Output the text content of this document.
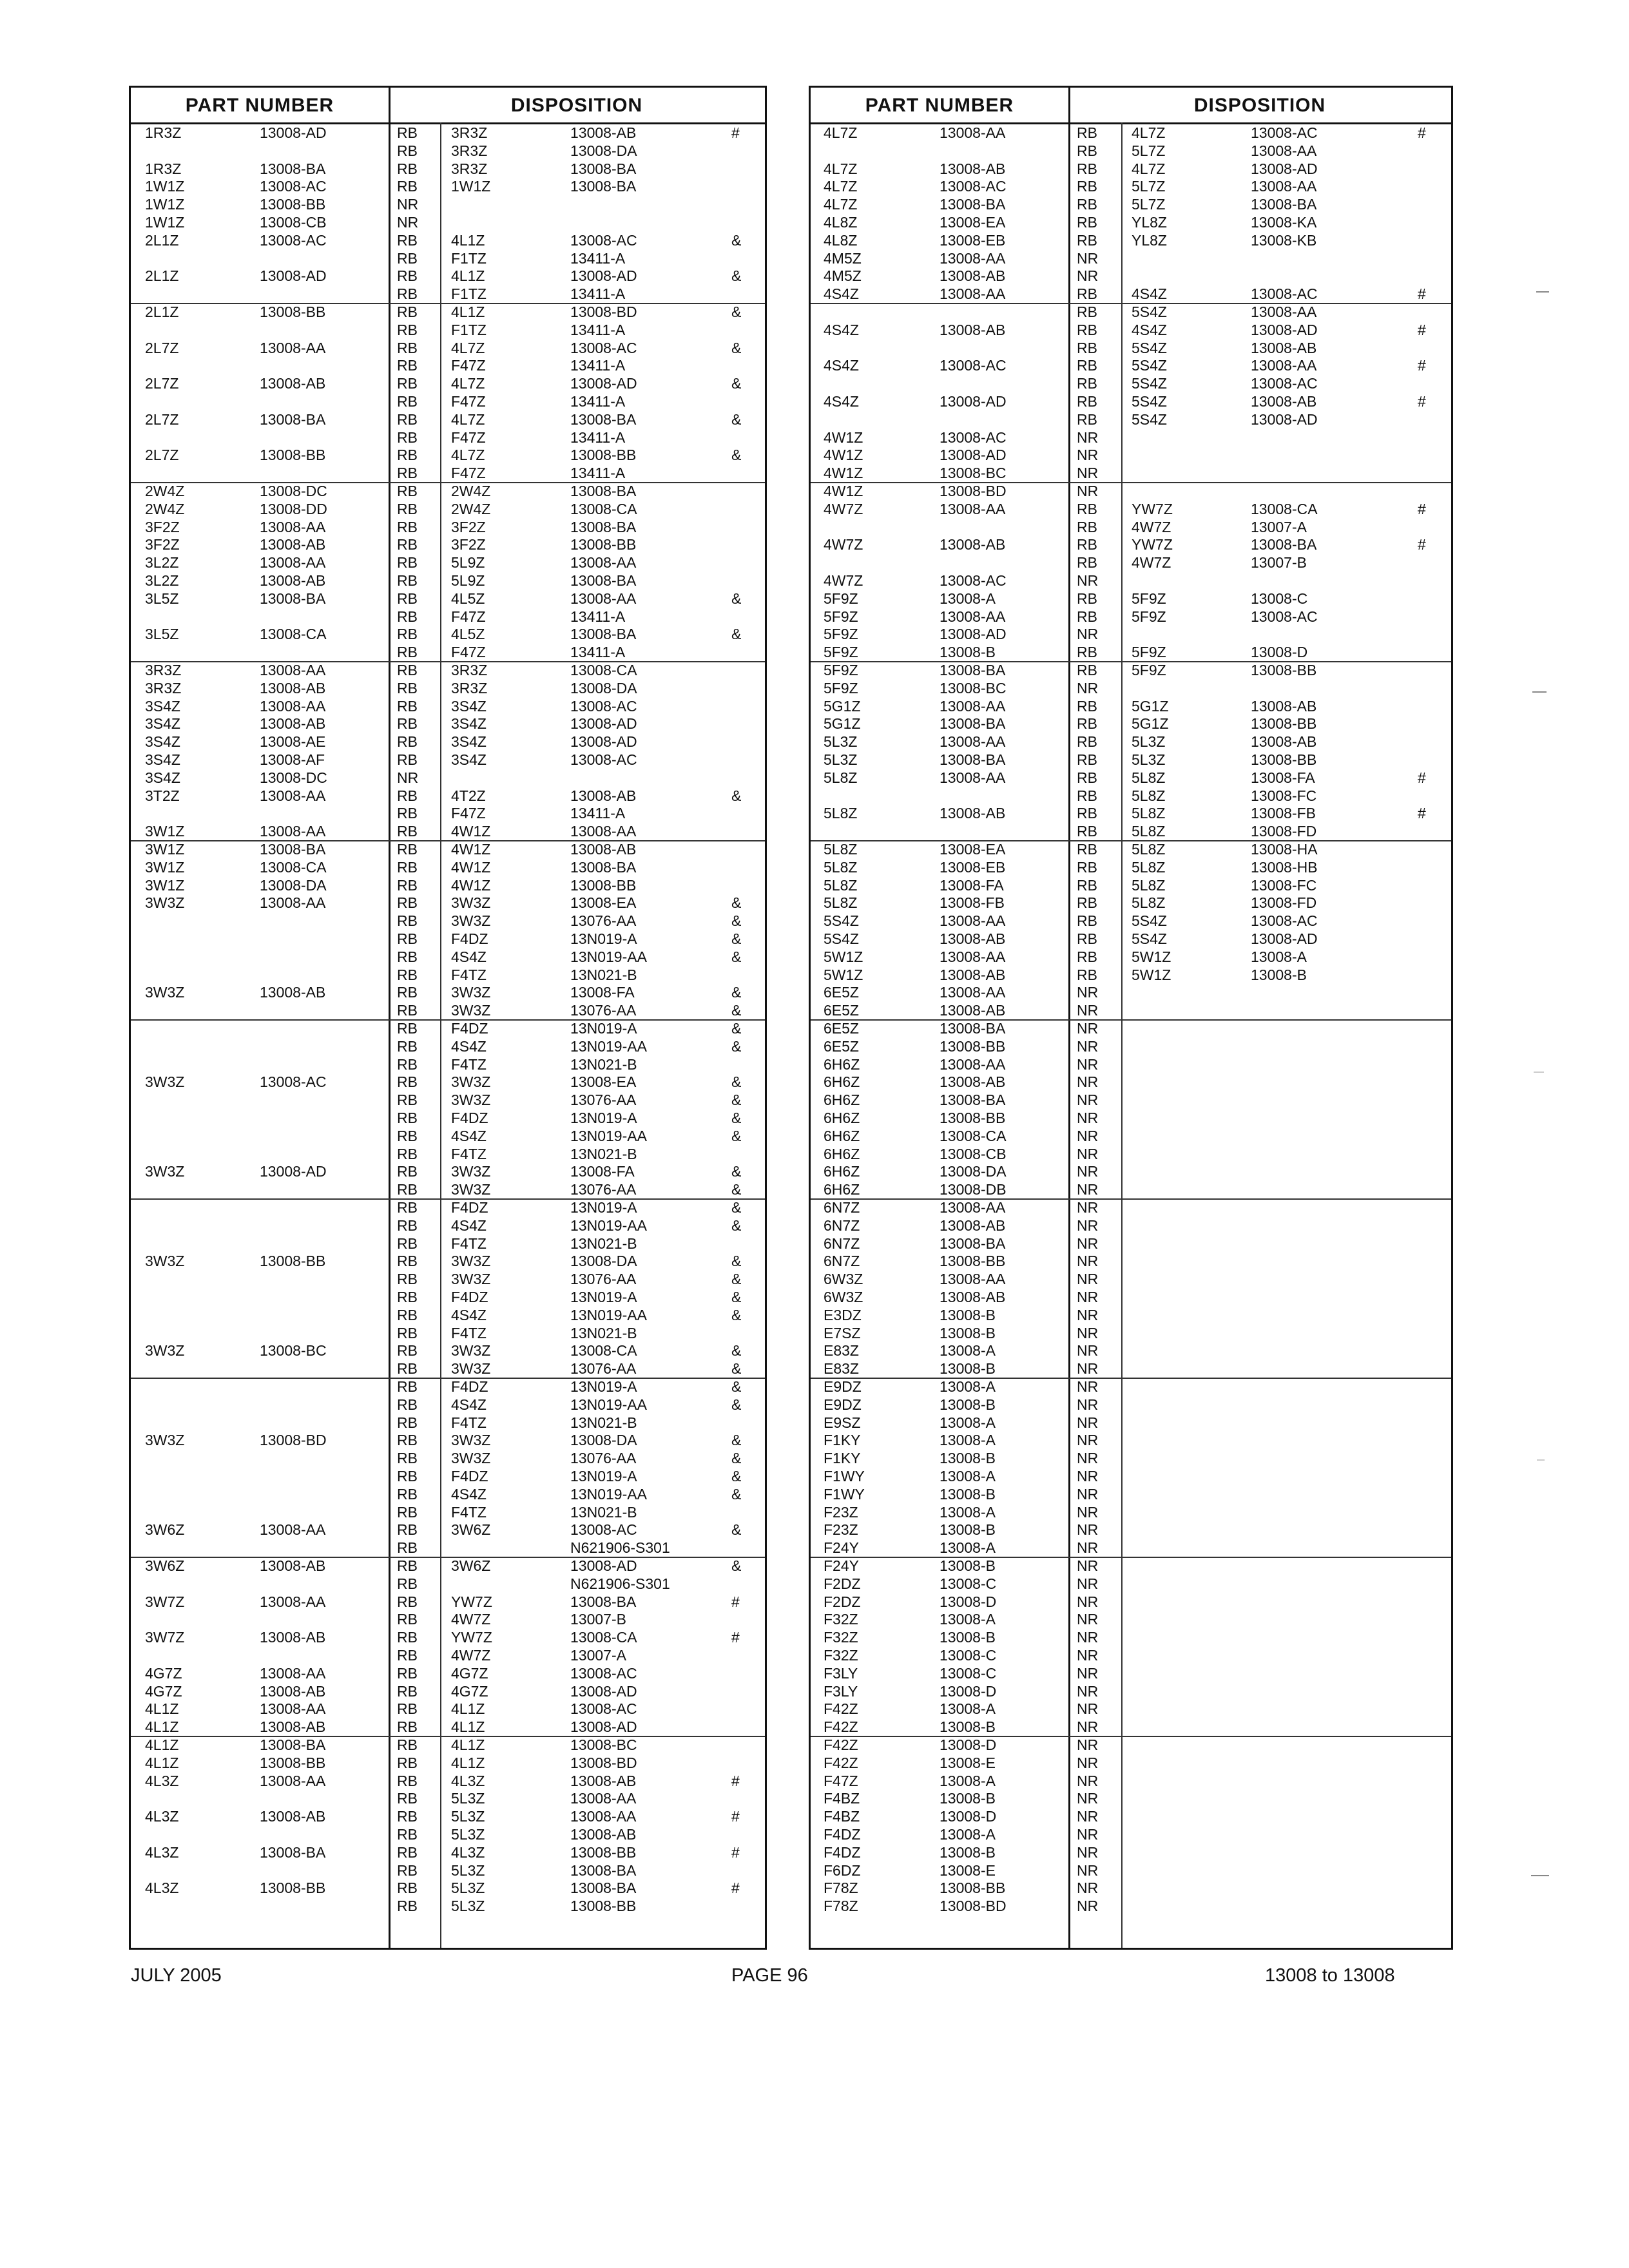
PART NUMBER	DISPOSITION
1R3Z	13008-AD	RB 3R3Z	13008-AB	#
RB 3R3Z	13008-DA
1R3Z	13008-BA	RB 3R3Z	13008-BA
1W1Z	13008-AC	RB 1W1Z	13008-BA
1W1Z	13008-BB	NR
1W1Z	13008-CB	NR
2L1Z	13008-AC	RB 4L1Z	13008-AC	&
RB F1TZ	13411-A
2L1Z	13008-AD	RB 4L1Z	13008-AD	&
RB F1TZ	13411-A
2L1Z	13008-BB	RB 4L1Z	13008-BD	&
RB F1TZ	13411-A
2L7Z	13008-AA	RB 4L7Z	13008-AC	&
RB F47Z	13411-A
2L7Z	13008-AB	RB 4L7Z	13008-AD	&
RB F47Z	13411-A
2L7Z	13008-BA	RB 4L7Z	13008-BA	&
RB F47Z	13411-A
2L7Z	13008-BB	RB 4L7Z	13008-BB	&
RB F47Z	13411-A
2W4Z	13008-DC	RB 2W4Z	13008-BA
2W4Z	13008-DD	RB 2W4Z	13008-CA
3F2Z	13008-AA	RB 3F2Z	13008-BA
3F2Z	13008-AB	RB 3F2Z	13008-BB
3L2Z	13008-AA	RB 5L9Z	13008-AA
3L2Z	13008-AB	RB 5L9Z	13008-BA
3L5Z	13008-BA	RB 4L5Z	13008-AA	&
RB F47Z	13411-A
3L5Z	13008-CA	RB 4L5Z	13008-BA	&
RB F47Z	13411-A
3R3Z	13008-AA	RB 3R3Z	13008-CA
3R3Z	13008-AB	RB 3R3Z	13008-DA
3S4Z	13008-AA	RB 3S4Z	13008-AC
3S4Z	13008-AB	RB 3S4Z	13008-AD
3S4Z	13008-AE	RB 3S4Z	13008-AD
3S4Z	13008-AF	RB 3S4Z	13008-AC
3S4Z	13008-DC	NR
3T2Z	13008-AA	RB 4T2Z	13008-AB	&
RB F47Z	13411-A
3W1Z	13008-AA	RB 4W1Z	13008-AA
3W1Z	13008-BA	RB 4W1Z	13008-AB
3W1Z	13008-CA	RB 4W1Z	13008-BA
3W1Z	13008-DA	RB 4W1Z	13008-BB
3W3Z	13008-AA	RB 3W3Z	13008-EA	&
RB 3W3Z	13076-AA	&
RB F4DZ	13N019-A	&
RB 4S4Z	13N019-AA	&
RB F4TZ	13N021-B
3W3Z	13008-AB	RB 3W3Z	13008-FA	&
RB 3W3Z	13076-AA	&
RB F4DZ	13N019-A	&
RB 4S4Z	13N019-AA	&
RB F4TZ	13N021-B
3W3Z	13008-AC	RB 3W3Z	13008-EA	&
RB 3W3Z	13076-AA	&
RB F4DZ	13N019-A	&
RB 4S4Z	13N019-AA	&
RB F4TZ	13N021-B
3W3Z	13008-AD	RB 3W3Z	13008-FA	&
RB 3W3Z	13076-AA	&
RB F4DZ	13N019-A	&
RB 4S4Z	13N019-AA	&
RB F4TZ	13N021-B
3W3Z	13008-BB	RB 3W3Z	13008-DA	&
RB 3W3Z	13076-AA	&
RB F4DZ	13N019-A	&
RB 4S4Z	13N019-AA	&
RB F4TZ	13N021-B
3W3Z	13008-BC	RB 3W3Z	13008-CA	&
RB 3W3Z	13076-AA	&
RB F4DZ	13N019-A	&
RB 4S4Z	13N019-AA	&
RB F4TZ	13N021-B
3W3Z	13008-BD	RB 3W3Z	13008-DA	&
RB 3W3Z	13076-AA	&
RB F4DZ	13N019-A	&
RB 4S4Z	13N019-AA	&
RB F4TZ	13N021-B
3W6Z	13008-AA	RB 3W6Z	13008-AC	&
RB	N621906-S301
3W6Z	13008-AB	RB 3W6Z	13008-AD	&
RB	N621906-S301
3W7Z	13008-AA	RB YW7Z	13008-BA	#
RB 4W7Z	13007-B
3W7Z	13008-AB	RB YW7Z	13008-CA	#
RB 4W7Z	13007-A
4G7Z	13008-AA	RB 4G7Z	13008-AC
4G7Z	13008-AB	RB 4G7Z	13008-AD
4L1Z	13008-AA	RB 4L1Z	13008-AC
4L1Z	13008-AB	RB 4L1Z	13008-AD
4L1Z	13008-BA	RB 4L1Z	13008-BC
4L1Z	13008-BB	RB 4L1Z	13008-BD
4L3Z	13008-AA	RB 4L3Z	13008-AB	#
RB 5L3Z	13008-AA
4L3Z	13008-AB	RB 5L3Z	13008-AA	#
RB 5L3Z	13008-AB
4L3Z	13008-BA	RB 4L3Z	13008-BB	#
RB 5L3Z	13008-BA
4L3Z	13008-BB	RB 5L3Z	13008-BA	#
RB 5L3Z	13008-BB
PART NUMBER	DISPOSITION
4L7Z	13008-AA	RB 4L7Z	13008-AC	#
RB 5L7Z	13008-AA
4L7Z	13008-AB	RB 4L7Z	13008-AD
4L7Z	13008-AC	RB 5L7Z	13008-AA
4L7Z	13008-BA	RB 5L7Z	13008-BA
4L8Z	13008-EA	RB YL8Z	13008-KA
4L8Z	13008-EB	RB YL8Z	13008-KB
4M5Z	13008-AA	NR
4M5Z	13008-AB	NR
4S4Z	13008-AA	RB 4S4Z	13008-AC	#
RB 5S4Z	13008-AA
4S4Z	13008-AB	RB 4S4Z	13008-AD	#
RB 5S4Z	13008-AB
4S4Z	13008-AC	RB 5S4Z	13008-AA	#
RB 5S4Z	13008-AC
4S4Z	13008-AD	RB 5S4Z	13008-AB	#
RB 5S4Z	13008-AD
4W1Z	13008-AC	NR
4W1Z	13008-AD	NR
4W1Z	13008-BC	NR
4W1Z	13008-BD	NR
4W7Z	13008-AA	RB YW7Z	13008-CA	#
RB 4W7Z	13007-A
4W7Z	13008-AB	RB YW7Z	13008-BA	#
RB 4W7Z	13007-B
4W7Z	13008-AC	NR
5F9Z	13008-A	RB 5F9Z	13008-C
5F9Z	13008-AA	RB 5F9Z	13008-AC
5F9Z	13008-AD	NR
5F9Z	13008-B	RB 5F9Z	13008-D
5F9Z	13008-BA	RB 5F9Z	13008-BB
5F9Z	13008-BC	NR
5G1Z	13008-AA	RB 5G1Z	13008-AB
5G1Z	13008-BA	RB 5G1Z	13008-BB
5L3Z	13008-AA	RB 5L3Z	13008-AB
5L3Z	13008-BA	RB 5L3Z	13008-BB
5L8Z	13008-AA	RB 5L8Z	13008-FA	#
RB 5L8Z	13008-FC
5L8Z	13008-AB	RB 5L8Z	13008-FB	#
RB 5L8Z	13008-FD
5L8Z	13008-EA	RB 5L8Z	13008-HA
5L8Z	13008-EB	RB 5L8Z	13008-HB
5L8Z	13008-FA	RB 5L8Z	13008-FC
5L8Z	13008-FB	RB 5L8Z	13008-FD
5S4Z	13008-AA	RB 5S4Z	13008-AC
5S4Z	13008-AB	RB 5S4Z	13008-AD
5W1Z	13008-AA	RB 5W1Z	13008-A
5W1Z	13008-AB	RB 5W1Z	13008-B
6E5Z	13008-AA	NR
6E5Z	13008-AB	NR
6E5Z	13008-BA	NR
6E5Z	13008-BB	NR
6H6Z	13008-AA	NR
6H6Z	13008-AB	NR
6H6Z	13008-BA	NR
6H6Z	13008-BB	NR
6H6Z	13008-CA	NR
6H6Z	13008-CB	NR
6H6Z	13008-DA	NR
6H6Z	13008-DB	NR
6N7Z	13008-AA	NR
6N7Z	13008-AB	NR
6N7Z	13008-BA	NR
6N7Z	13008-BB	NR
6W3Z	13008-AA	NR
6W3Z	13008-AB	NR
E3DZ	13008-B	NR
E7SZ	13008-B	NR
E83Z	13008-A	NR
E83Z	13008-B	NR
E9DZ	13008-A	NR
E9DZ	13008-B	NR
E9SZ	13008-A	NR
F1KY	13008-A	NR
F1KY	13008-B	NR
F1WY	13008-A	NR
F1WY	13008-B	NR
F23Z	13008-A	NR
F23Z	13008-B	NR
F24Y	13008-A	NR
F24Y	13008-B	NR
F2DZ	13008-C	NR
F2DZ	13008-D	NR
F32Z	13008-A	NR
F32Z	13008-B	NR
F32Z	13008-C	NR
F3LY	13008-C	NR
F3LY	13008-D	NR
F42Z	13008-A	NR
F42Z	13008-B	NR
F42Z	13008-D	NR
F42Z	13008-E	NR
F47Z	13008-A	NR
F4BZ	13008-B	NR
F4BZ	13008-D	NR
F4DZ	13008-A	NR
F4DZ	13008-B	NR
F6DZ	13008-E	NR
F78Z	13008-BB	NR
F78Z	13008-BD	NR
JULY 2005	PAGE 96	13008 to 13008
